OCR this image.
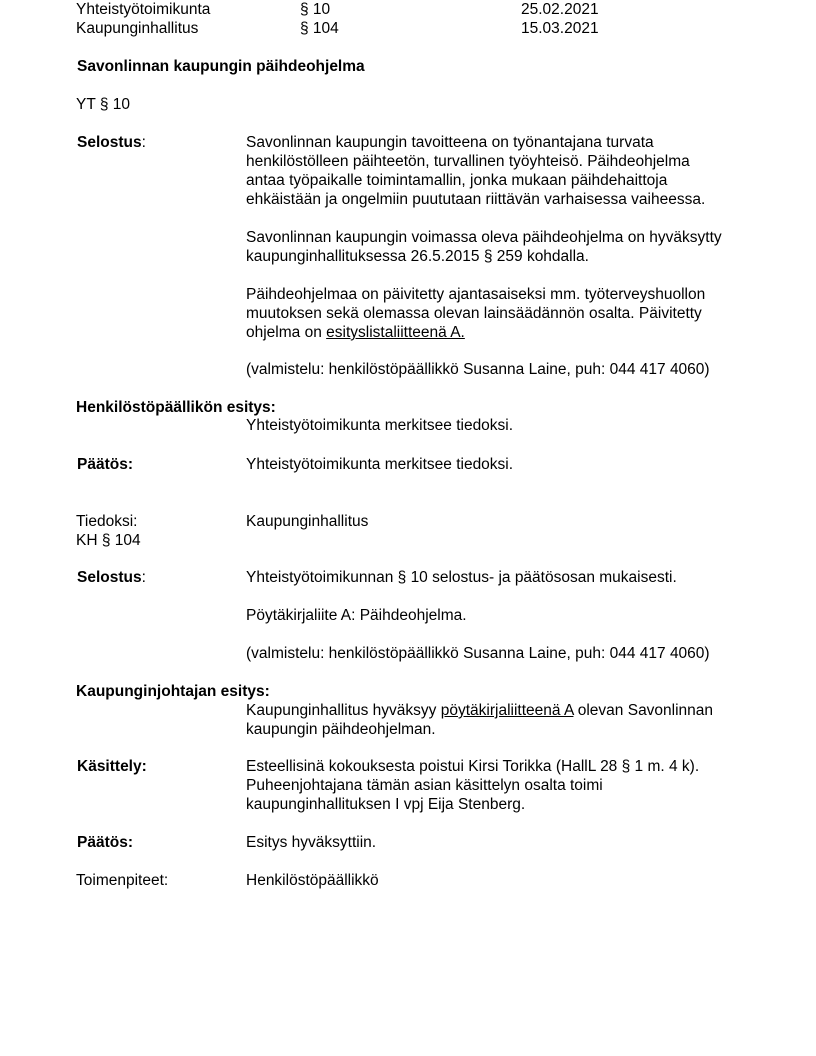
Yhteistyötoimikunta	§ 10	25.02.2021
Kaupunginhallitus	§ 104	15.03.2021
Savonlinnan kaupungin päihdeohjelma
YT § 10
Selostus:	Savonlinnan kaupungin tavoitteena on työnantajana turvata
henkilöstölleen päihteetön, turvallinen työyhteisö. Päihdeohjelma
antaa työpaikalle toimintamallin, jonka mukaan päihdehaittoja
ehkäistään ja ongelmiin puututaan riittävän varhaisessa vaiheessa.
Savonlinnan kaupungin voimassa oleva päihdeohjelma on hyväksytty
kaupunginhallituksessa 26.5.2015 § 259 kohdalla.
Päihdeohjelmaa on päivitetty ajantasaiseksi mm. työterveyshuollon
muutoksen sekä olemassa olevan lainsäädännön osalta. Päivitetty
ohjelma on esityslistaliitteenä A.
(valmistelu: henkilöstöpäällikkö Susanna Laine, puh: 044 417 4060)
Henkilöstöpäällikön esitys:
Yhteistyötoimikunta merkitsee tiedoksi.
Päätös:	Yhteistyötoimikunta merkitsee tiedoksi.
Tiedoksi:	Kaupunginhallitus
KH § 104
Selostus:	Yhteistyötoimikunnan § 10 selostus- ja päätösosan mukaisesti.
Pöytäkirjaliite A: Päihdeohjelma.
(valmistelu: henkilöstöpäällikkö Susanna Laine, puh: 044 417 4060)
Kaupunginjohtajan esitys:
Kaupunginhallitus hyväksyy pöytäkirjaliitteenä A olevan Savonlinnan
kaupungin päihdeohjelman.
Käsittely:	Esteellisinä kokouksesta poistui Kirsi Torikka (HallL 28 § 1 m. 4 k).
Puheenjohtajana tämän asian käsittelyn osalta toimi
kaupunginhallituksen I vpj Eija Stenberg.
Päätös:	Esitys hyväksyttiin.
Toimenpiteet:	Henkilöstöpäällikkö
